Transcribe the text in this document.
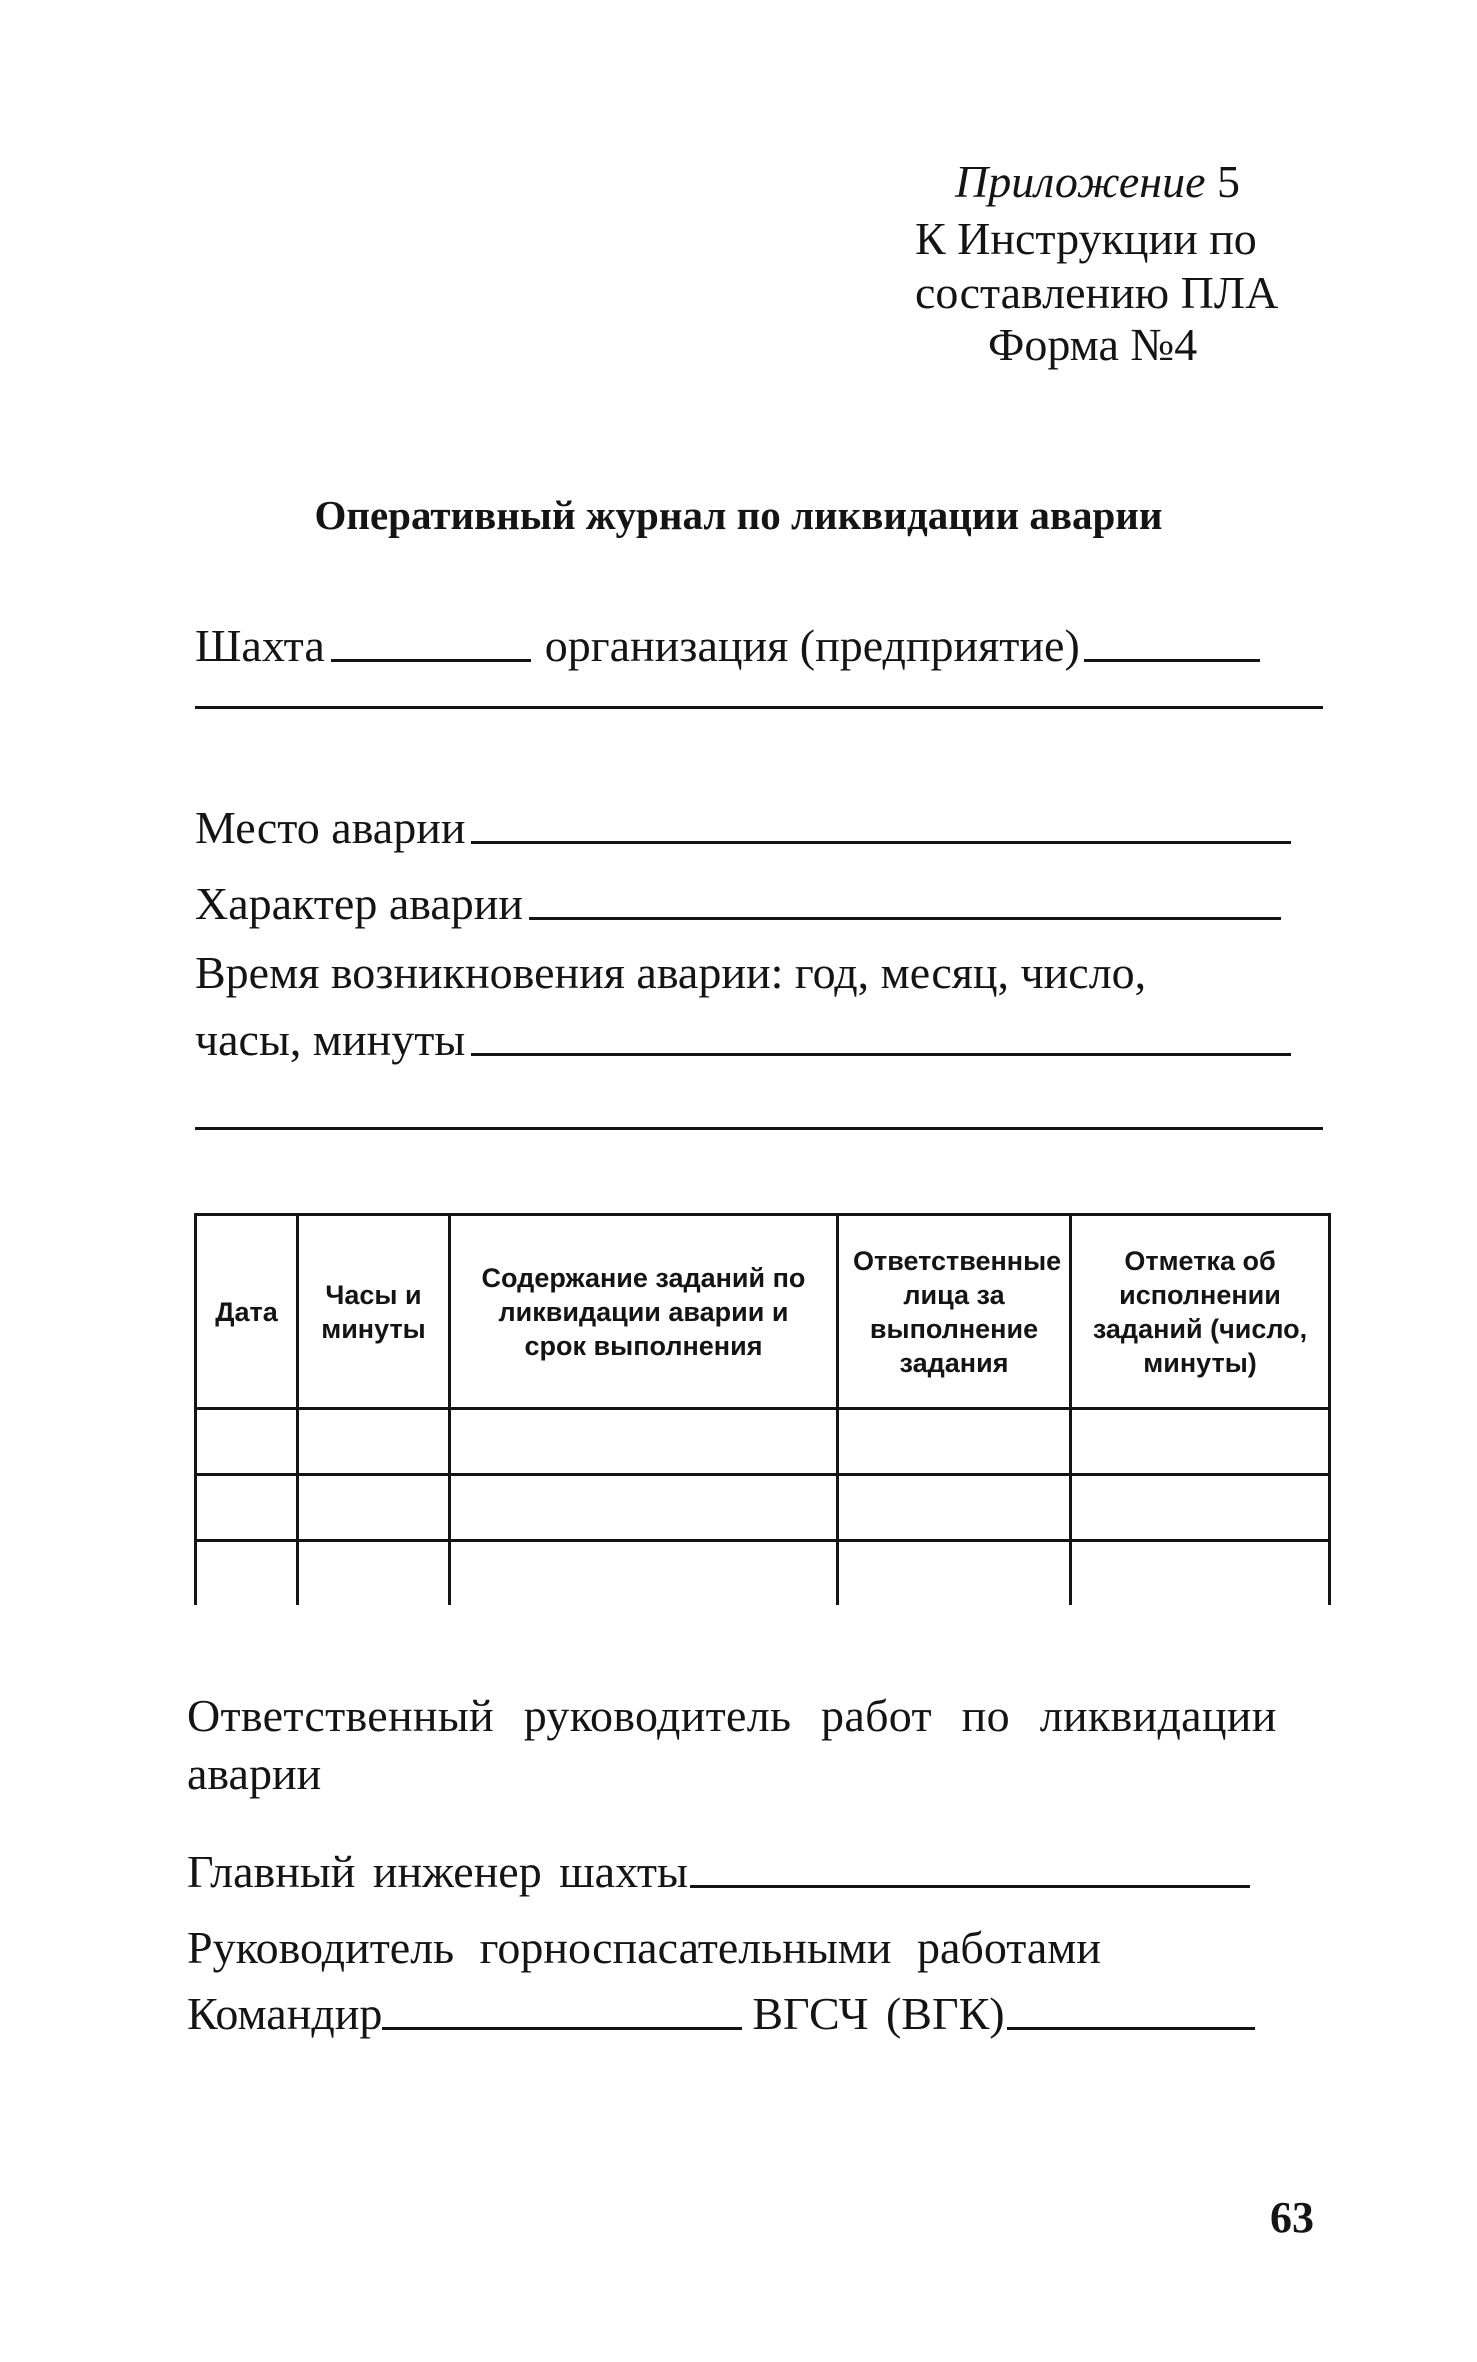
Приложение 5
К Инструкции по
составлению ПЛА
Форма №4
Оперативный журнал по ликвидации аварии
Шахта	организация (предприятие)
Место аварии
Характер аварии
Время возникновения аварии: год, месяц, число,
часы, минуты
Дата	Часы и минуты	Содержание заданий по ликвидации аварии и срок выполнения	Ответственные лица за выполнение задания	Отметка об исполнении заданий (число, минуты)

Ответственный руководитель работ по ликвидации
аварии
Главный инженер шахты
Руководитель горноспасательными работами
Командир	ВГСЧ (ВГК)
63
